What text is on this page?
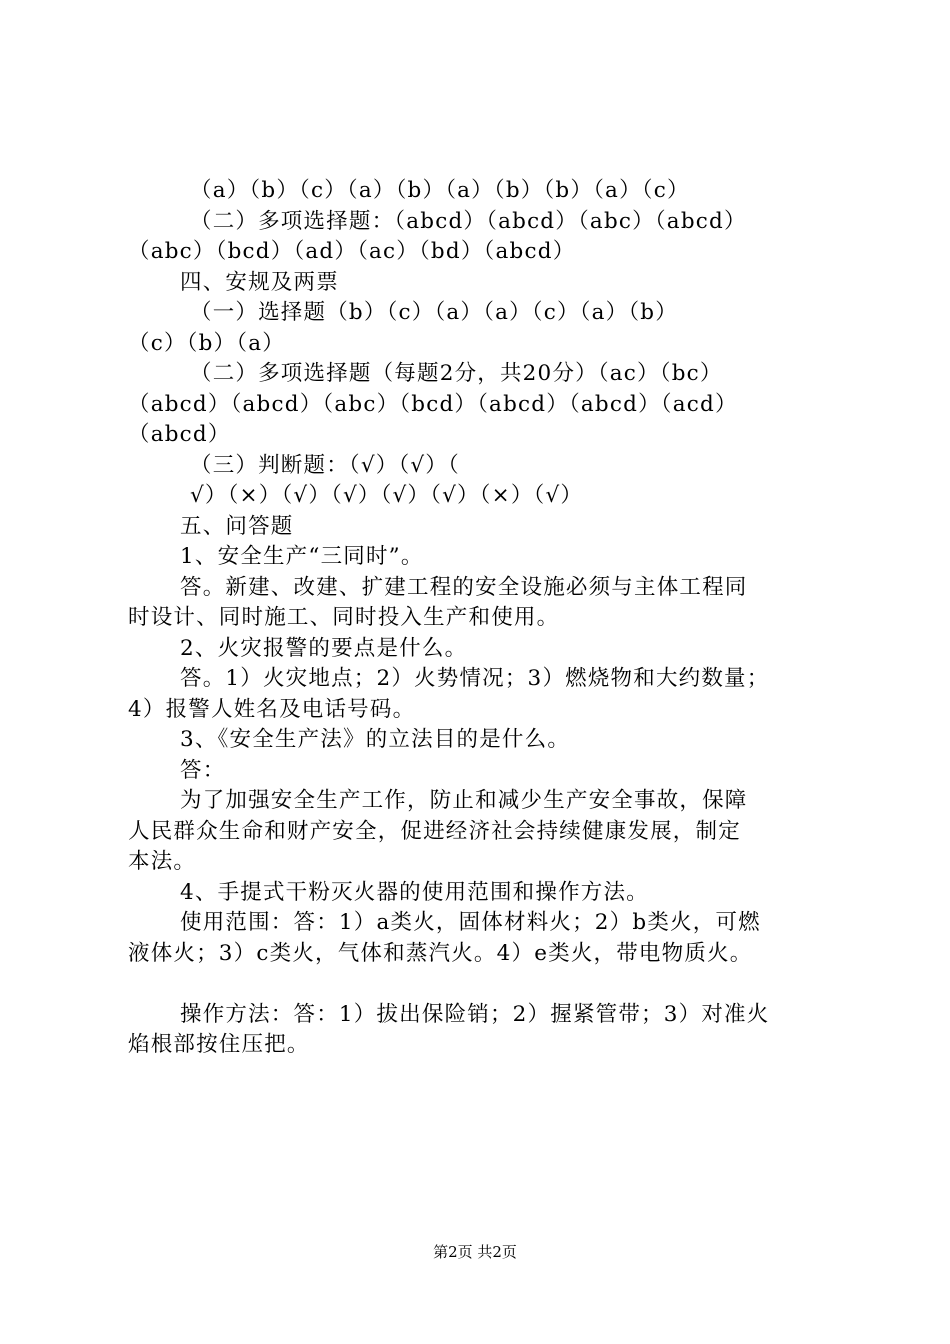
（a）（b）（c）（a）（b）（a）（b）（b）（a）（c）
（二）多项选择题：（abcd）（abcd）（abc）（abcd）
（abc）（bcd）（ad）（ac）（bd）（abcd）
四、安规及两票
（一）选择题（b）（c）（a）（a）（c）（a）（b）
（c）（b）（a）
（二）多项选择题（每题2分，共20分）（ac）（bc）
（abcd）（abcd）（abc）（bcd）（abcd）（abcd）（acd）
（abcd）
（三）判断题：（√）（√）（
√）（×）（√）（√）（√）（√）（×）（√）
五、问答题
1、安全生产“三同时”。
答。新建、改建、扩建工程的安全设施必须与主体工程同
时设计、同时施工、同时投入生产和使用。
2、火灾报警的要点是什么。
答。1）火灾地点；2）火势情况；3）燃烧物和大约数量；
4）报警人姓名及电话号码。
3、《安全生产法》的立法目的是什么。
答：
为了加强安全生产工作，防止和减少生产安全事故，保障
人民群众生命和财产安全，促进经济社会持续健康发展，制定
本法。
4、手提式干粉灭火器的使用范围和操作方法。
使用范围：答：1）a类火，固体材料火；2）b类火，可燃
液体火；3）c类火，气体和蒸汽火。4）e类火，带电物质火。
操作方法：答：1）拔出保险销；2）握紧管带；3）对准火
焰根部按住压把。
第2页 共2页
